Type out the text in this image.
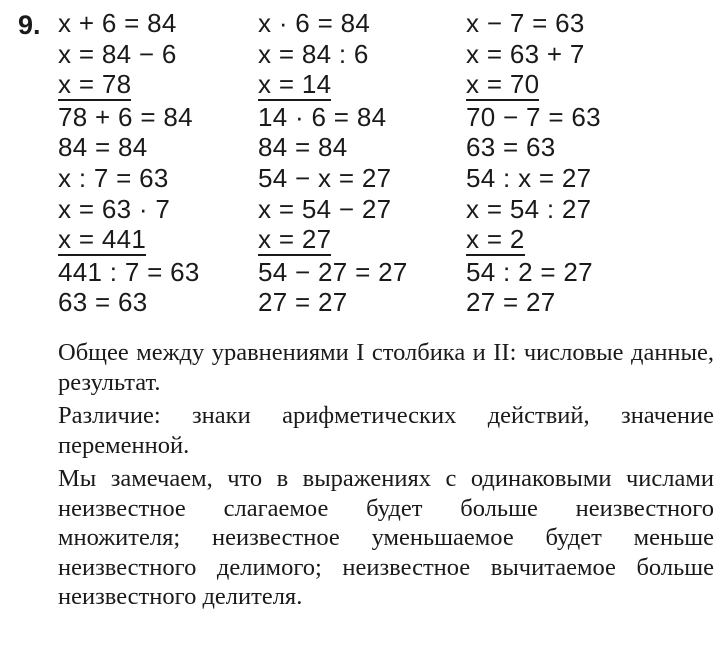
9. x + 6 = 84
x = 84 − 6
x = 78
78 + 6 = 84
84 = 84
x : 7 = 63
x = 63 · 7
x = 441
441 : 7 = 63
63 = 63
x · 6 = 84
x = 84 : 6
x = 14
14 · 6 = 84
84 = 84
54 − x = 27
x = 54 − 27
x = 27
54 − 27 = 27
27 = 27
x − 7 = 63
x = 63 + 7
x = 70
70 − 7 = 63
63 = 63
54 : x = 27
x = 54 : 27
x = 2
54 : 2 = 27
27 = 27

Общее между уравнениями I столбика и II: числовые данные, результат.

Различие: знаки арифметических действий, значение переменной.

Мы замечаем, что в выражениях с одинаковыми числами неизвестное слагаемое будет больше неизвестного множителя; неизвестное уменьшаемое будет меньше неизвестного делимого; неизвестное вычитаемое больше неизвестного делителя.
